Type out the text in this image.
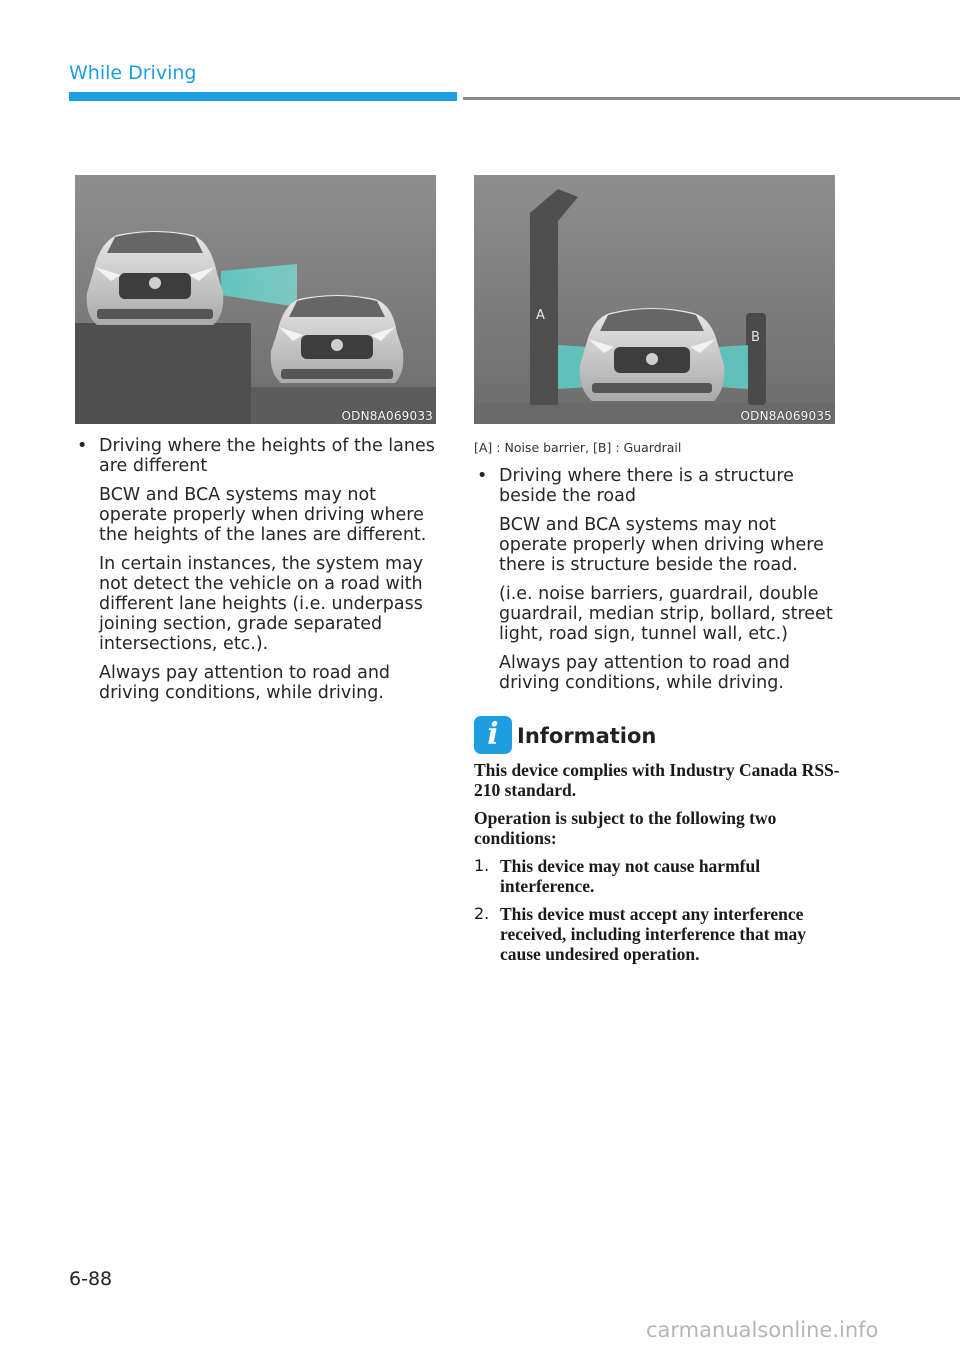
While Driving
ODN8A069033
A
B
ODN8A069035
[A] : Noise barrier, [B] : Guardrail
• Driving where the heights of the lanes are different
BCW and BCA systems may not operate properly when driving where the heights of the lanes are different.
In certain instances, the system may not detect the vehicle on a road with different lane heights (i.e. underpass joining section, grade separated intersections, etc.).
Always pay attention to road and driving conditions, while driving.
• Driving where there is a structure beside the road
BCW and BCA systems may not operate properly when driving where there is structure beside the road.
(i.e. noise barriers, guardrail, double guardrail, median strip, bollard, street light, road sign, tunnel wall, etc.)
Always pay attention to road and driving conditions, while driving.
i Information

This device complies with Industry Canada RSS-210 standard.

Operation is subject to the following two conditions:

1. This device may not cause harmful interference.
2. This device must accept any interference received, including interference that may cause undesired operation.
6-88
carmanualsonline.info
